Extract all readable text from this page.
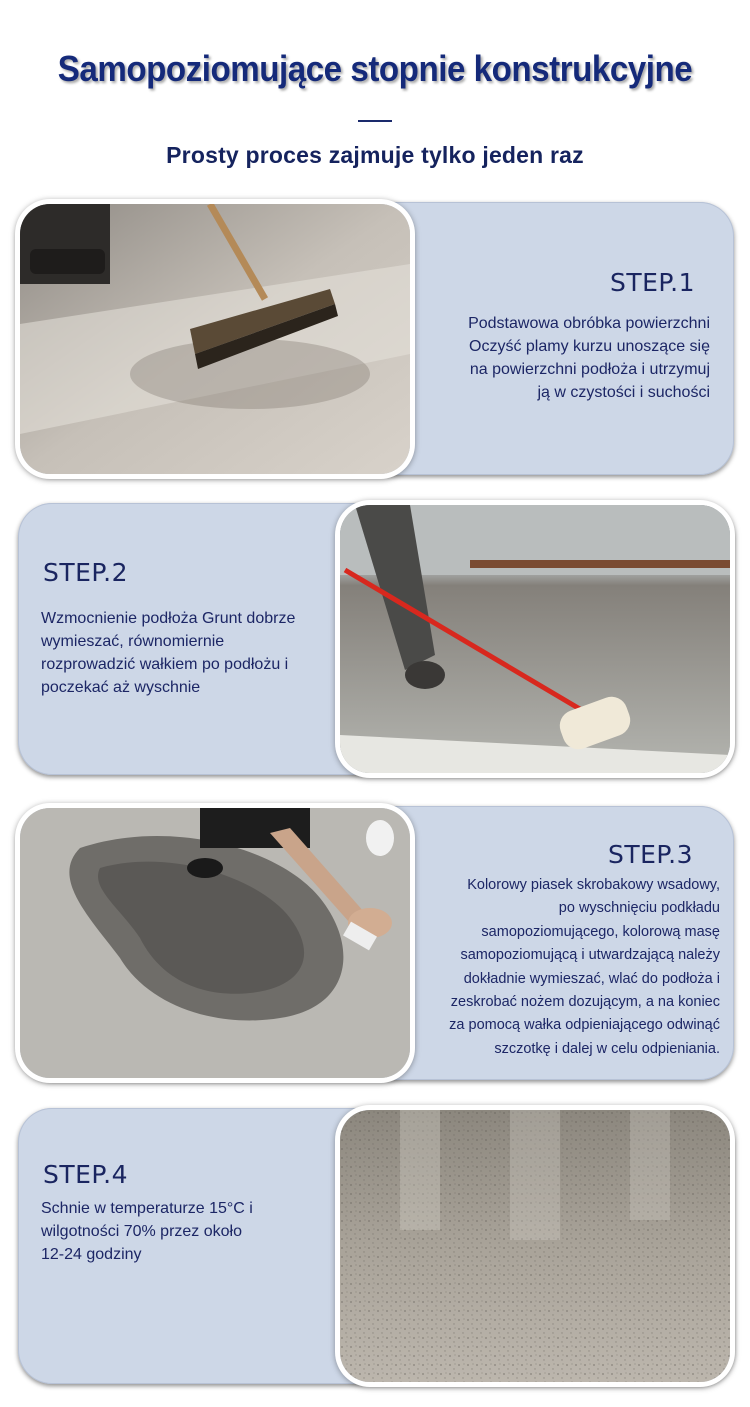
Samopoziomujące stopnie konstrukcyjne
Prosty proces zajmuje tylko jeden raz
STEP.1
Podstawowa obróbka powierzchni
Oczyść plamy kurzu unoszące się
na powierzchni podłoża i utrzymuj
ją w czystości i suchości
STEP.2
Wzmocnienie podłoża Grunt dobrze
wymieszać, równomiernie
rozprowadzić wałkiem po podłożu i
poczekać aż wyschnie
STEP.3
Kolorowy piasek skrobakowy wsadowy,
po wyschnięciu podkładu
samopoziomującego, kolorową masę
samopoziomującą i utwardzającą należy
dokładnie wymieszać, wlać do podłoża i
zeskrobać nożem dozującym, a na koniec
za pomocą wałka odpieniającego odwinąć
szczotkę i dalej w celu odpieniania.
STEP.4
Schnie w temperaturze 15°C i
wilgotności 70% przez około
12-24 godziny
